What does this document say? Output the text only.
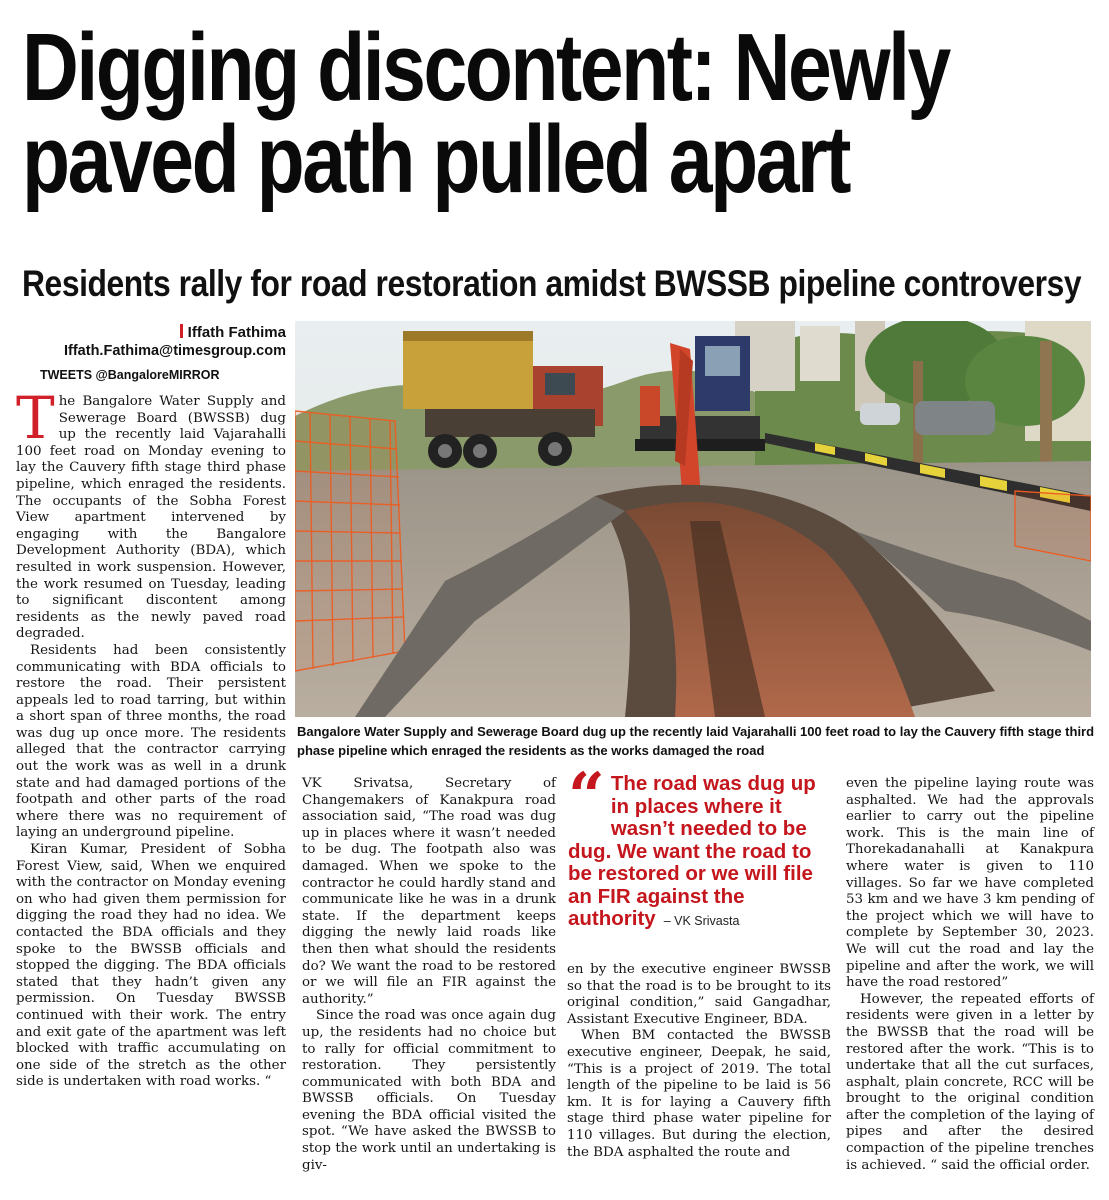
Digging discontent: Newly
paved path pulled apart
Residents rally for road restoration amidst BWSSB pipeline controversy
Iffath Fathima
Iffath.Fathima@timesgroup.com
TWEETS @BangaloreMIRROR
Bangalore Water Supply and Sewerage Board dug up the recently laid Vajarahalli 100 feet road to lay the Cauvery fifth stage third phase pipeline which enraged the residents as the works damaged the road

The Bangalore Water Supply and Sewerage Board (BWSSB) dug up the recently laid Vajarahalli 100 feet road on Monday evening to lay the Cauvery fifth stage third phase pipeline, which enraged the residents. The occupants of the Sobha Forest View apartment intervened by engaging with the Bangalore Development Authority (BDA), which resulted in work suspension. However, the work resumed on Tuesday, leading to significant discontent among residents as the newly paved road degraded.

Residents had been consistently communicating with BDA officials to restore the road. Their persistent appeals led to road tarring, but within a short span of three months, the road was dug up once more. The residents alleged that the contractor carrying out the work was as well in a drunk state and had damaged portions of the footpath and other parts of the road where there was no requirement of laying an underground pipeline.

Kiran Kumar, President of Sobha Forest View, said, When we enquired with the contractor on Monday evening on who had given them permission for digging the road they had no idea. We contacted the BDA officials and they spoke to the BWSSB officials and stopped the digging. The BDA officials stated that they hadn’t given any permission. On Tuesday BWSSB continued with their work. The entry and exit gate of the apartment was left blocked with traffic accumulating on one side of the stretch as the other side is undertaken with road works. “

VK Srivatsa, Secretary of Changemakers of Kanakpura road association said, “The road was dug up in places where it wasn’t needed to be dug. The footpath also was damaged. When we spoke to the contractor he could hardly stand and communicate like he was in a drunk state. If the department keeps digging the newly laid roads like then then what should the residents do? We want the road to be restored or we will file an FIR against the authority.”

Since the road was once again dug up, the residents had no choice but to rally for official commitment to restoration. They persistently communicated with both BDA and BWSSB officials. On Tuesday evening the BDA official visited the spot. “We have asked the BWSSB to stop the work until an undertaking is giv-

“ The road was dug up in places where it wasn’t needed to be dug. We want the road to be restored or we will file an FIR against the authority – VK Srivasta

en by the executive engineer BWSSB so that the road is to be brought to its original condition,” said Gangadhar, Assistant Executive Engineer, BDA.

When BM contacted the BWSSB executive engineer, Deepak, he said, “This is a project of 2019. The total length of the pipeline to be laid is 56 km. It is for laying a Cauvery fifth stage third phase water pipeline for 110 villages. But during the election, the BDA asphalted the route and

even the pipeline laying route was asphalted. We had the approvals earlier to carry out the pipeline work. This is the main line of Thorekadanahalli at Kanakpura where water is given to 110 villages. So far we have completed 53 km and we have 3 km pending of the project which we will have to complete by September 30, 2023. We will cut the road and lay the pipeline and after the work, we will have the road restored”

However, the repeated efforts of residents were given in a letter by the BWSSB that the road will be restored after the work. “This is to undertake that all the cut surfaces, asphalt, plain concrete, RCC will be brought to the original condition after the completion of the laying of pipes and after the desired compaction of the pipeline trenches is achieved. “ said the official order.
